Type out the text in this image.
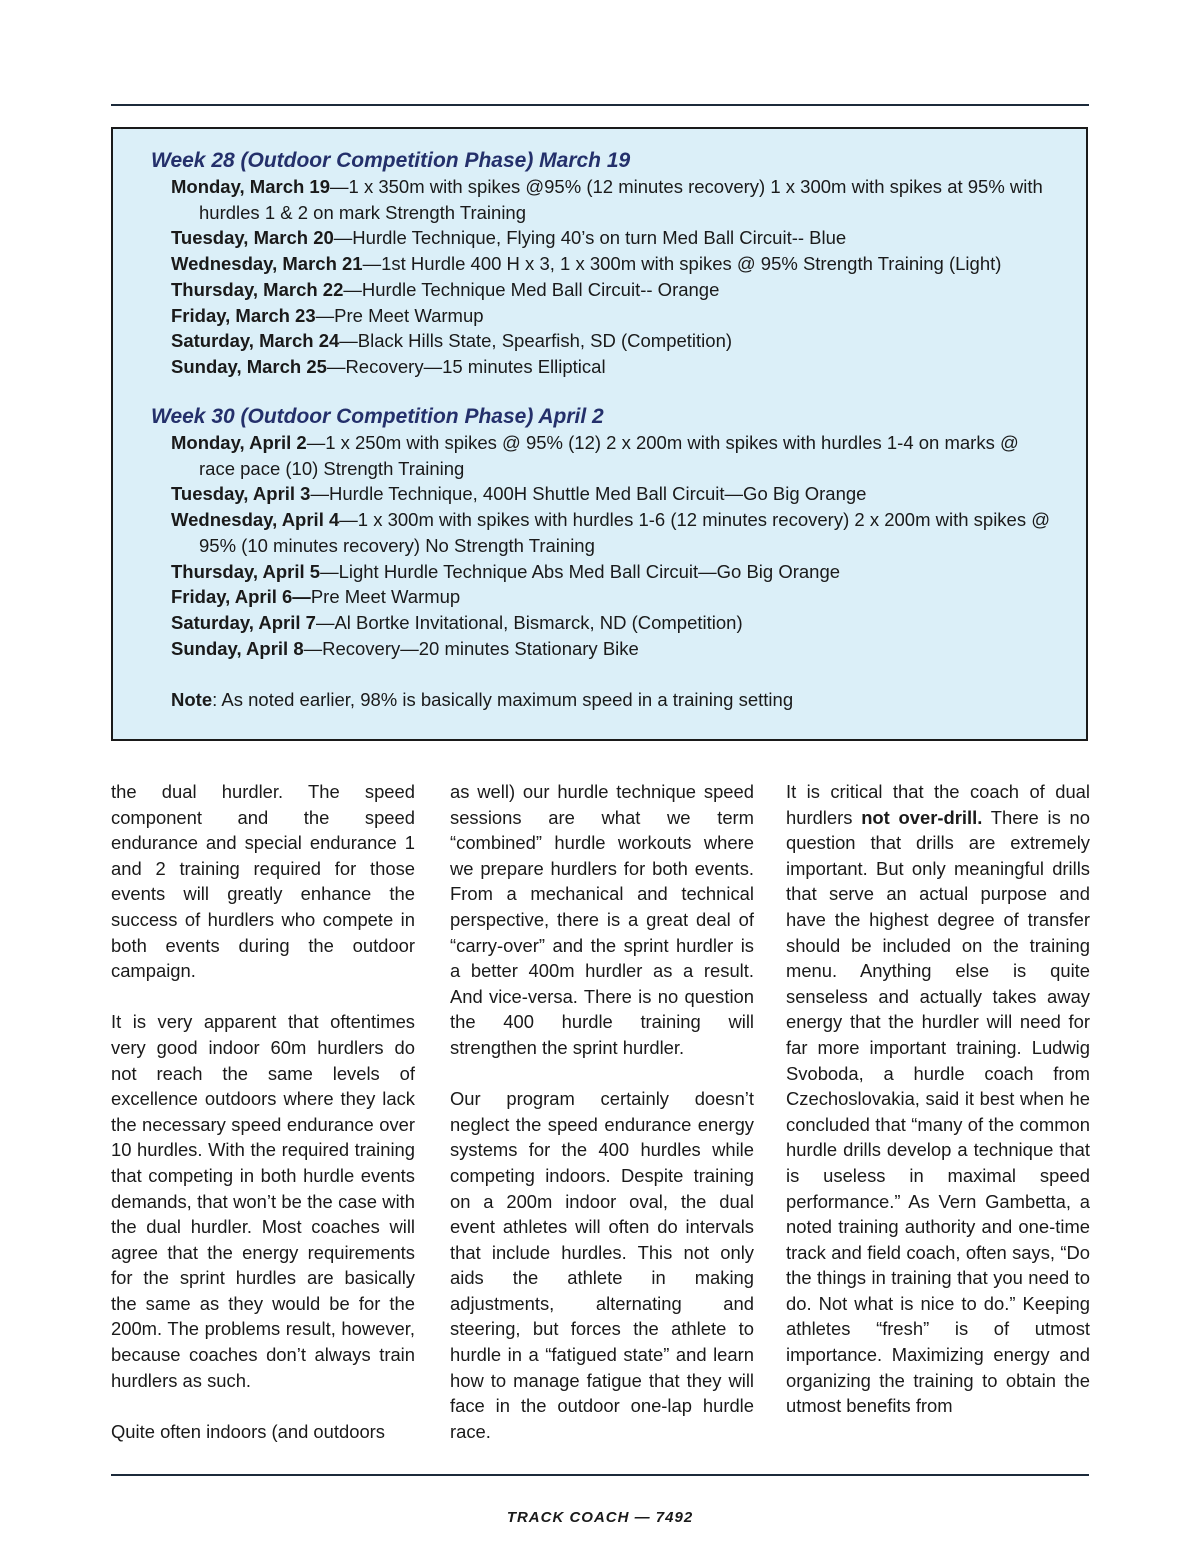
Week 28 (Outdoor Competition Phase) March 19

Monday, March 19—1 x 350m with spikes @95% (12 minutes recovery) 1 x 300m with spikes at 95% with hurdles 1 & 2 on mark Strength Training

Tuesday, March 20—Hurdle Technique, Flying 40’s on turn Med Ball Circuit-- Blue

Wednesday, March 21—1st Hurdle 400 H x 3, 1 x 300m with spikes @ 95% Strength Training (Light)

Thursday, March 22—Hurdle Technique Med Ball Circuit-- Orange

Friday, March 23—Pre Meet Warmup

Saturday, March 24—Black Hills State, Spearfish, SD (Competition)

Sunday, March 25—Recovery—15 minutes Elliptical

Week 30 (Outdoor Competition Phase) April 2

Monday, April 2—1 x 250m with spikes @ 95% (12) 2 x 200m with spikes with hurdles 1-4 on marks @ race pace (10) Strength Training

Tuesday, April 3—Hurdle Technique, 400H Shuttle Med Ball Circuit—Go Big Orange

Wednesday, April 4—1 x 300m with spikes with hurdles 1-6 (12 minutes recovery) 2 x 200m with spikes @ 95% (10 minutes recovery) No Strength Training

Thursday, April 5—Light Hurdle Technique Abs Med Ball Circuit—Go Big Orange

Friday, April 6—Pre Meet Warmup

Saturday, April 7—Al Bortke Invitational, Bismarck, ND (Competition)

Sunday, April 8—Recovery—20 minutes Stationary Bike

Note: As noted earlier, 98% is basically maximum speed in a training setting

the dual hurdler. The speed component and the speed endurance and special endurance 1 and 2 training required for those events will greatly enhance the success of hurdlers who compete in both events during the outdoor campaign.

It is very apparent that oftentimes very good indoor 60m hurdlers do not reach the same levels of excellence outdoors where they lack the necessary speed endurance over 10 hurdles. With the required training that competing in both hurdle events demands, that won’t be the case with the dual hurdler. Most coaches will agree that the energy requirements for the sprint hurdles are basically the same as they would be for the 200m. The problems result, however, because coaches don’t always train hurdlers as such.

Quite often indoors (and outdoors

as well) our hurdle technique speed sessions are what we term “combined” hurdle workouts where we prepare hurdlers for both events. From a mechanical and technical perspective, there is a great deal of “carry-over” and the sprint hurdler is a better 400m hurdler as a result. And vice-versa. There is no question the 400 hurdle training will strengthen the sprint hurdler.

Our program certainly doesn’t neglect the speed endurance energy systems for the 400 hurdles while competing indoors. Despite training on a 200m indoor oval, the dual event athletes will often do intervals that include hurdles. This not only aids the athlete in making adjustments, alternating and steering, but forces the athlete to hurdle in a “fatigued state” and learn how to manage fatigue that they will face in the outdoor one-lap hurdle race.

It is critical that the coach of dual hurdlers not over-drill. There is no question that drills are extremely important. But only meaningful drills that serve an actual purpose and have the highest degree of transfer should be included on the training menu. Anything else is quite senseless and actually takes away energy that the hurdler will need for far more important training. Ludwig Svoboda, a hurdle coach from Czechoslovakia, said it best when he concluded that “many of the common hurdle drills develop a technique that is useless in maximal speed performance.” As Vern Gambetta, a noted training authority and one-time track and field coach, often says, “Do the things in training that you need to do. Not what is nice to do.” Keeping athletes “fresh” is of utmost importance. Maximizing energy and organizing the training to obtain the utmost benefits from

TRACK COACH — 7492
